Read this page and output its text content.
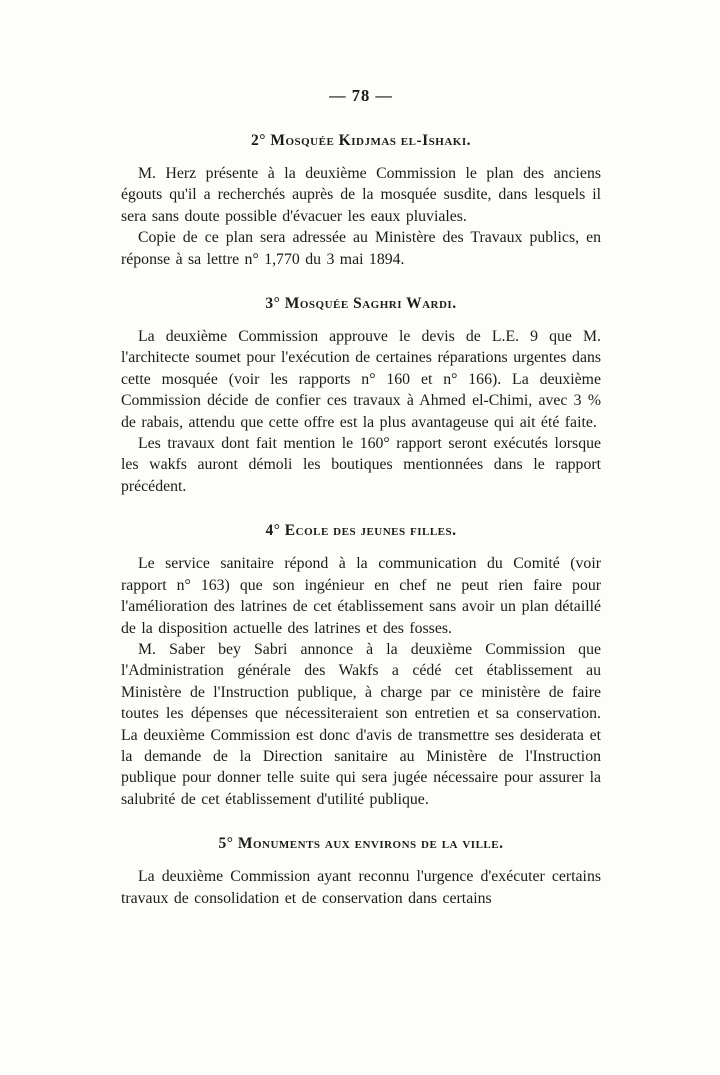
— 78 —
2° Mosquée Kidjmas el-Ishaki.

M. Herz présente à la deuxième Commission le plan des anciens égouts qu'il a recherchés auprès de la mosquée susdite, dans lesquels il sera sans doute possible d'évacuer les eaux pluviales.

Copie de ce plan sera adressée au Ministère des Travaux publics, en réponse à sa lettre n° 1,770 du 3 mai 1894.

3° Mosquée Saghri Wardi.

La deuxième Commission approuve le devis de L.E. 9 que M. l'architecte soumet pour l'exécution de certaines réparations urgentes dans cette mosquée (voir les rapports n° 160 et n° 166). La deuxième Commission décide de confier ces travaux à Ahmed el-Chimi, avec 3 % de rabais, attendu que cette offre est la plus avantageuse qui ait été faite.

Les travaux dont fait mention le 160° rapport seront exécutés lorsque les wakfs auront démoli les boutiques mentionnées dans le rapport précédent.

4° Ecole des jeunes filles.

Le service sanitaire répond à la communication du Comité (voir rapport n° 163) que son ingénieur en chef ne peut rien faire pour l'amélioration des latrines de cet établissement sans avoir un plan détaillé de la disposition actuelle des latrines et des fosses.

M. Saber bey Sabri annonce à la deuxième Commission que l'Administration générale des Wakfs a cédé cet établissement au Ministère de l'Instruction publique, à charge par ce ministère de faire toutes les dépenses que nécessiteraient son entretien et sa conservation. La deuxième Commission est donc d'avis de transmettre ses desiderata et la demande de la Direction sanitaire au Ministère de l'Instruction publique pour donner telle suite qui sera jugée nécessaire pour assurer la salubrité de cet établissement d'utilité publique.

5° Monuments aux environs de la ville.

La deuxième Commission ayant reconnu l'urgence d'exécuter certains travaux de consolidation et de conservation dans certains
